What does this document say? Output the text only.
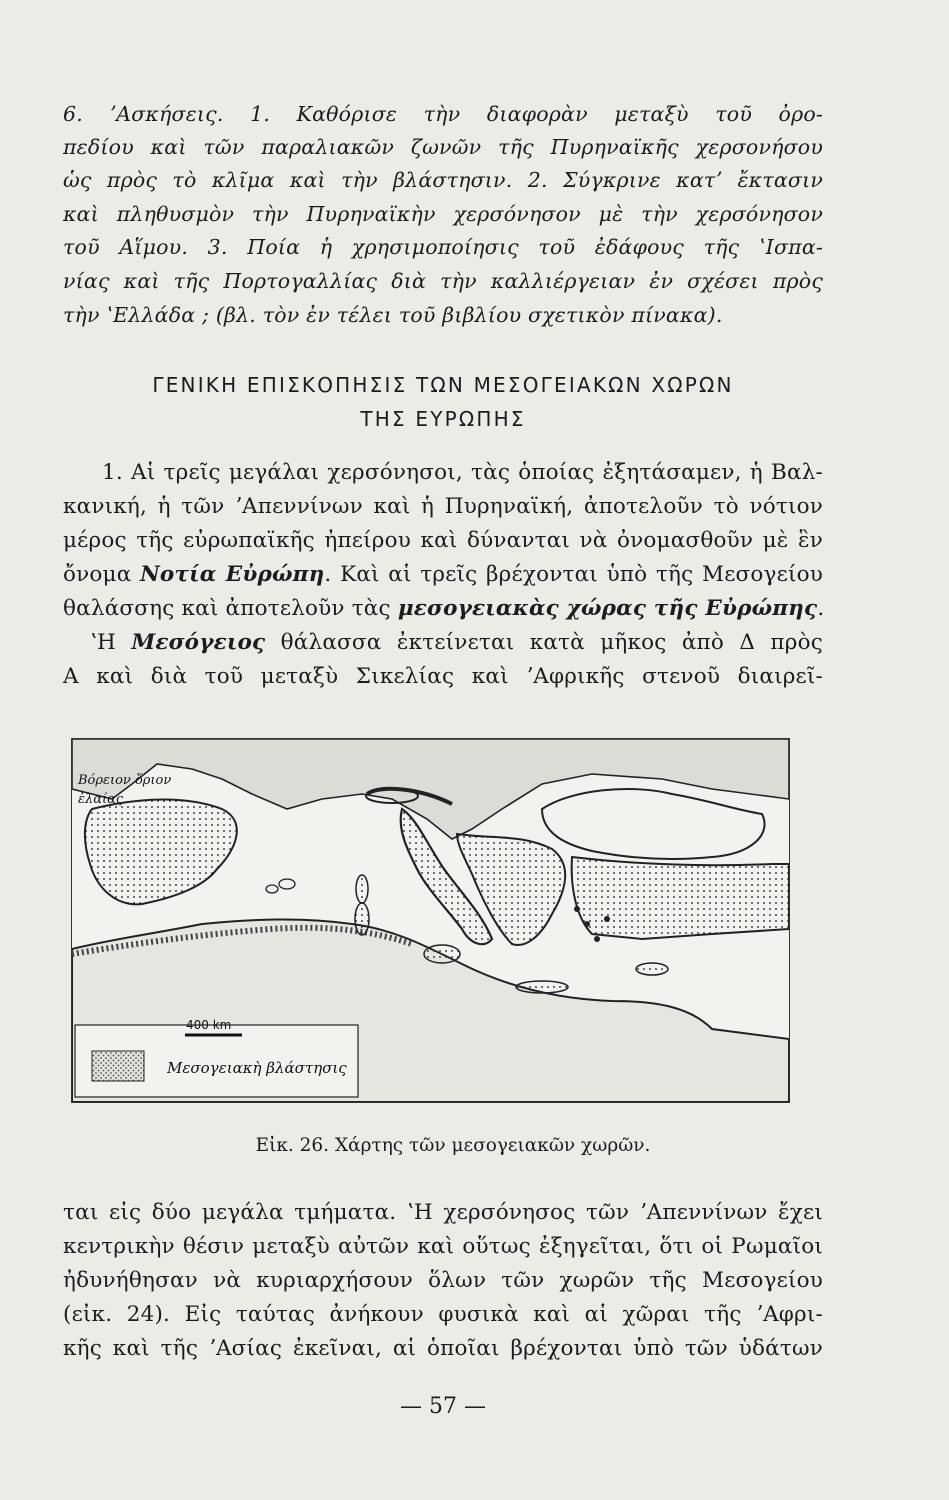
6. ʼΑσκήσεις. 1. Καθόρισε τὴν διαφορὰν μεταξὺ τοῦ ὀρο-
πεδίου καὶ τῶν παραλιακῶν ζωνῶν τῆς Πυρηναϊκῆς χερσονήσου
ὡς πρὸς τὸ κλῖμα καὶ τὴν βλάστησιν. 2. Σύγκρινε κατʼ ἔκτασιν
καὶ πληθυσμὸν τὴν Πυρηναϊκὴν χερσόνησον μὲ τὴν χερσόνησον
τοῦ Αἵμου. 3. Ποία ἡ χρησιμοποίησις τοῦ ἐδάφους τῆς ʽΙσπα-
νίας καὶ τῆς Πορτογαλλίας διὰ τὴν καλλιέργειαν ἐν σχέσει πρὸς
τὴν ʽΕλλάδα ; (βλ. τὸν ἐν τέλει τοῦ βιβλίου σχετικὸν πίνακα).
ΓΕΝΙΚΗ ΕΠΙΣΚΟΠΗΣΙΣ ΤΩΝ ΜΕΣΟΓΕΙΑΚΩΝ ΧΩΡΩΝ
ΤΗΣ ΕΥΡΩΠΗΣ
1. Αἱ τρεῖς μεγάλαι χερσόνησοι, τὰς ὁποίας ἐξητάσαμεν, ἡ Βαλ-
κανική, ἡ τῶν ʼΑπεννίνων καὶ ἡ Πυρηναϊκή, ἀποτελοῦν τὸ νότιον
μέρος τῆς εὐρωπαϊκῆς ἠπείρου καὶ δύνανται νὰ ὀνομασθοῦν μὲ ἓν
ὄνομα Νοτία Εὐρώπη. Καὶ αἱ τρεῖς βρέχονται ὑπὸ τῆς Μεσογείου
θαλάσσης καὶ ἀποτελοῦν τὰς μεσογειακὰς χώρας τῆς Εὐρώπης.
ʽΗ Μεσόγειος θάλασσα ἐκτείνεται κατὰ μῆκος ἀπὸ Δ πρὸς
Α καὶ διὰ τοῦ μεταξὺ Σικελίας καὶ ʼΑφρικῆς στενοῦ διαιρεῖ-
Βόρειον ὅριον
ἐλαίας
400 km
Μεσογειακὴ βλάστησις
Εἰκ. 26. Χάρτης τῶν μεσογειακῶν χωρῶν.
ται εἰς δύο μεγάλα τμήματα. ʽΗ χερσόνησος τῶν ʼΑπεννίνων ἔχει
κεντρικὴν θέσιν μεταξὺ αὐτῶν καὶ οὕτως ἐξηγεῖται, ὅτι οἱ Ρωμαῖοι
ἠδυνήθησαν νὰ κυριαρχήσουν ὅλων τῶν χωρῶν τῆς Μεσογείου
(εἰκ. 24). Εἰς ταύτας ἀνήκουν φυσικὰ καὶ αἱ χῶραι τῆς ʼΑφρι-
κῆς καὶ τῆς ʼΑσίας ἐκεῖναι, αἱ ὁποῖαι βρέχονται ὑπὸ τῶν ὑδάτων
— 57 —
